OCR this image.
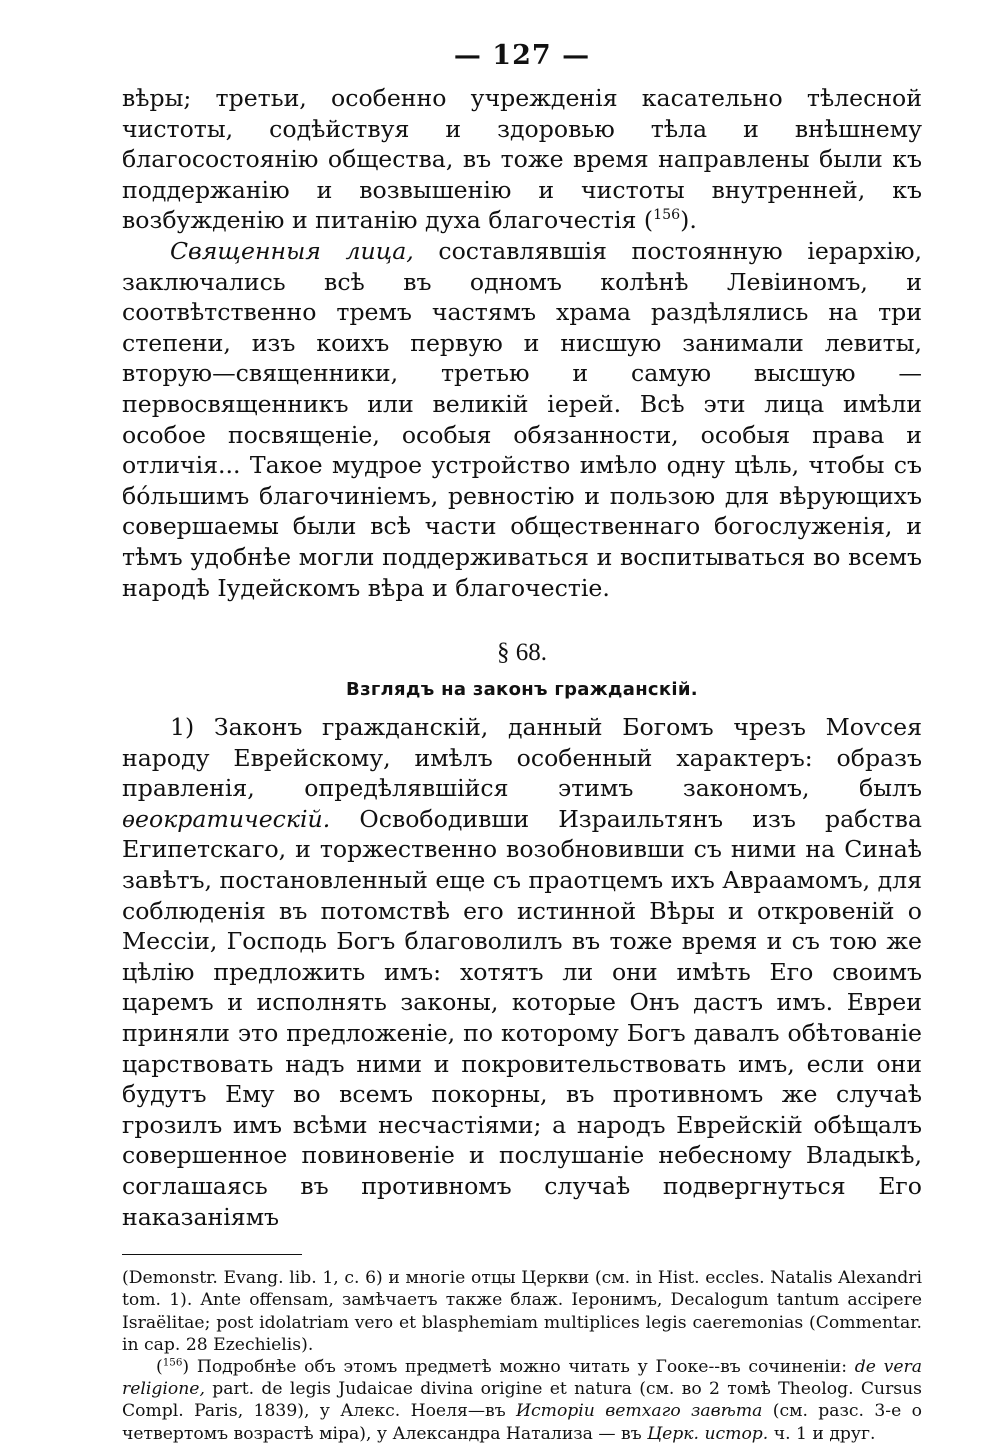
— 127 —

вѣры; третьи, особенно учрежденія касательно тѣлесной чистоты, содѣйствуя и здоровью тѣла и внѣшнему благосостоянію общества, въ тоже время направлены были къ поддержанію и возвышенію и чистоты внутренней, къ возбужденію и питанію духа благочестія ($^{156}$).

Священныя лица, составлявшія постоянную іерархію, заключались всѣ въ одномъ колѣнѣ Левіиномъ, и соотвѣтственно тремъ частямъ храма раздѣлялись на три степени, изъ коихъ первую и нисшую занимали левиты, вторую—священники, третью и самую высшую — первосвященникъ или великій іерей. Всѣ эти лица имѣли особое посвященіе, особыя обязанности, особыя права и отличія... Такое мудрое устройство имѣло одну цѣль, чтобы съ бо́льшимъ благочиніемъ, ревностію и пользою для вѣрующихъ совершаемы были всѣ части общественнаго богослуженія, и тѣмъ удобнѣе могли поддерживаться и воспитываться во всемъ народѣ Іудейскомъ вѣра и благочестіе.

§ 68.
Взглядъ на законъ гражданскій.

1) Законъ гражданскій, данный Богомъ чрезъ Моѵсея народу Еврейскому, имѣлъ особенный характеръ: образъ правленія, опредѣлявшійся этимъ закономъ, былъ ѳеократическій. Освободивши Израильтянъ изъ рабства Египетскаго, и торжественно возобновивши съ ними на Синаѣ завѣтъ, постановленный еще съ праотцемъ ихъ Авраамомъ, для соблюденія въ потомствѣ его истинной Вѣры и откровеній о Мессіи, Господь Богъ благоволилъ въ тоже время и съ тою же цѣлію предложить имъ: хотятъ ли они имѣть Его своимъ царемъ и исполнять законы, которые Онъ дастъ имъ. Евреи приняли это предложеніе, по которому Богъ давалъ обѣтованіе царствовать надъ ними и покровительствовать имъ, если они будутъ Ему во всемъ покорны, въ противномъ же случаѣ грозилъ имъ всѣми несчастіями; а народъ Еврейскій обѣщалъ совершенное повиновеніе и послушаніе небесному Владыкѣ, соглашаясь въ противномъ случаѣ подвергнуться Его наказаніямъ

(Demonstr. Evang. lib. 1, c. 6) и многіе отцы Церкви (см. in Hist. eccles. Natalis Alexandri tom. 1). Ante offensam, замѣчаетъ также блаж. Іеронимъ, Decalogum tantum accipere Israëlitae; post idolatriam vero et blasphemiam multiplices legis caeremonias (Commentar. in cap. 28 Ezechielis).

($^{156}$) Подробнѣе объ этомъ предметѣ можно читать у Гооке--въ сочиненіи: de vera religione, part. de legis Judaicae divina origine et natura (см. во 2 томѣ Theolog. Cursus Compl. Paris, 1839), у Алекс. Ноеля—въ Исторіи ветхаго завѣта (см. разс. 3-е о четвертомъ возрастѣ міра), у Александра Натализа — въ Церк. истор. ч. 1 и друг.
